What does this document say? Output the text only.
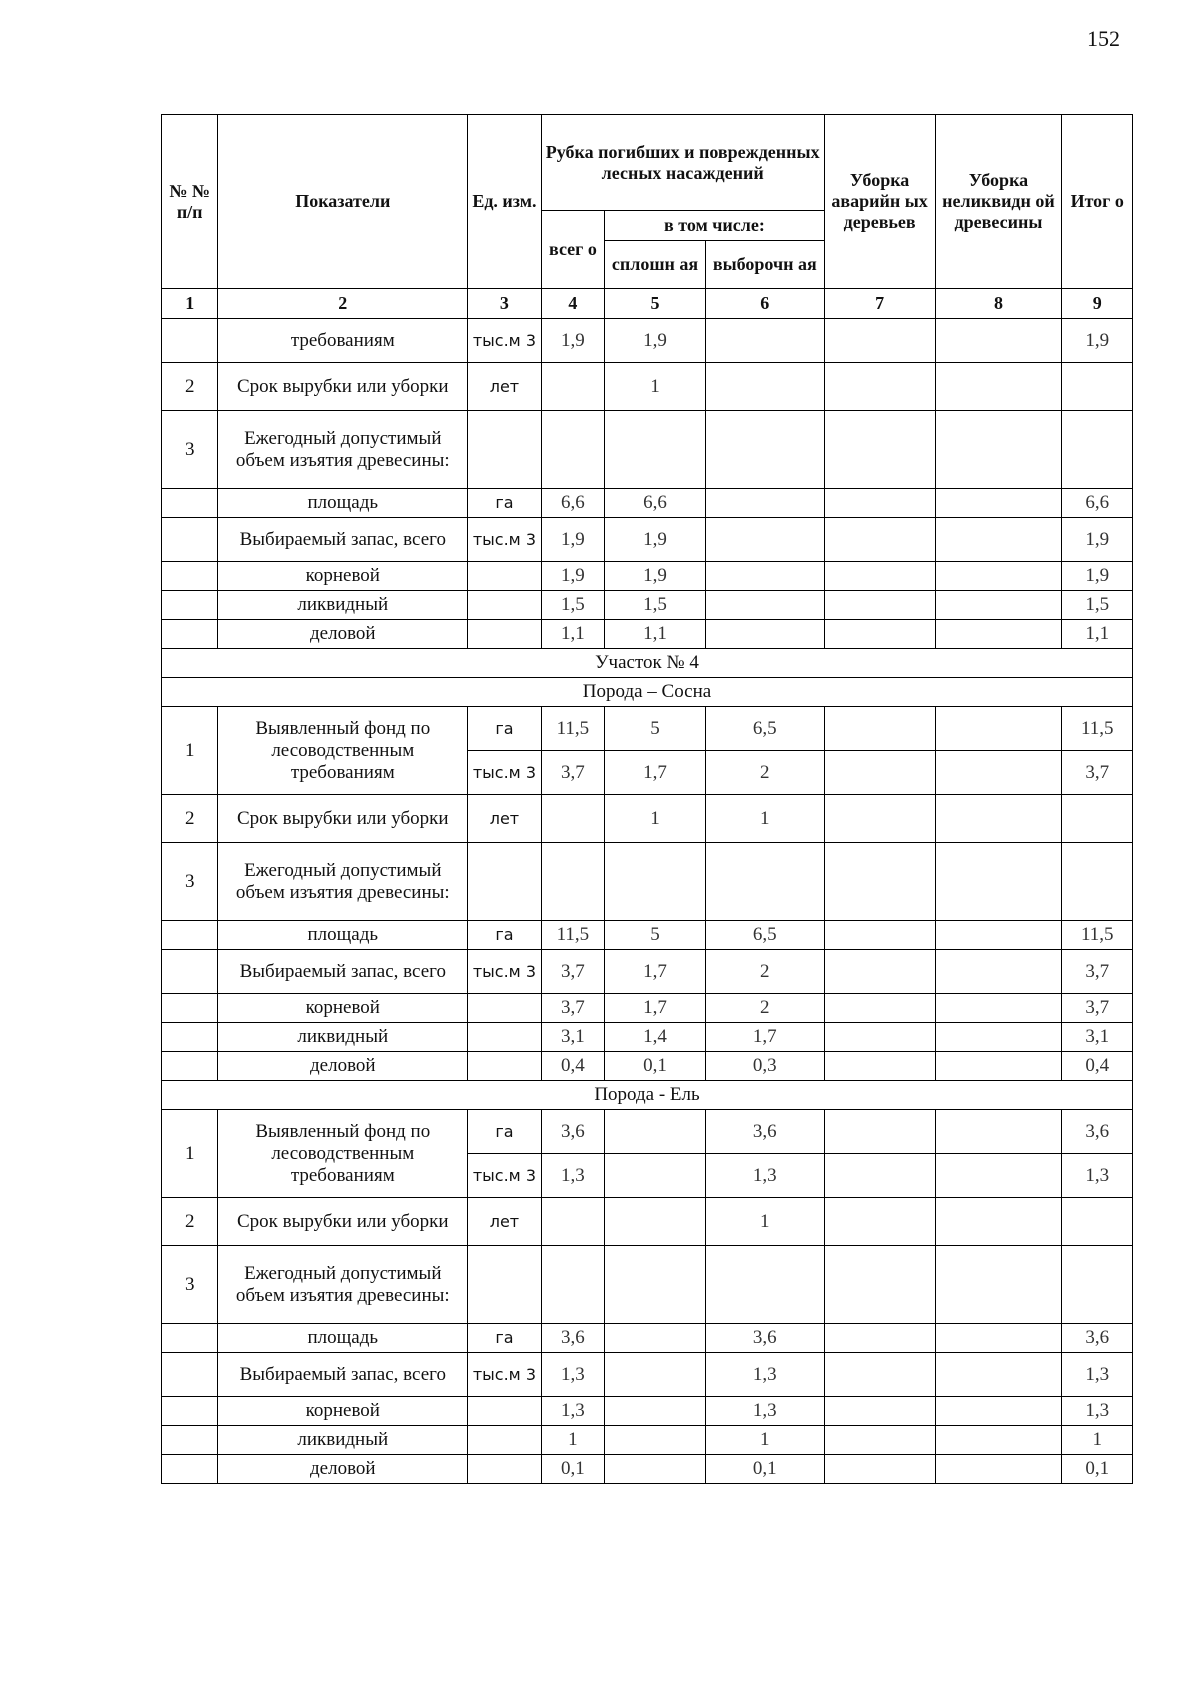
152
№ № п/п	Показатели	Ед. изм.	Рубка погибших и поврежденных лесных насаждений			Уборка аварийн ых деревьев	Уборка неликвидн ой древесины	Итог о
			всег о	в том числе:				
				сплошн ая	выборочн ая			
1	2	3	4	5	6	7	8	9
	требованиям	тыс.м 3	1,9	1,9				1,9
2	Срок вырубки или уборки	лет		1				
3	Ежегодный допустимый объем изъятия древесины:							
	площадь	га	6,6	6,6				6,6
	Выбираемый запас, всего	тыс.м 3	1,9	1,9				1,9
	корневой		1,9	1,9				1,9
	ликвидный		1,5	1,5				1,5
	деловой		1,1	1,1				1,1
Участок № 4								
Порода – Сосна								
1	Выявленный фонд по лесоводственным требованиям	га	11,5	5	6,5			11,5
		тыс.м 3	3,7	1,7	2			3,7
2	Срок вырубки или уборки	лет		1	1			
3	Ежегодный допустимый объем изъятия древесины:							
	площадь	га	11,5	5	6,5			11,5
	Выбираемый запас, всего	тыс.м 3	3,7	1,7	2			3,7
	корневой		3,7	1,7	2			3,7
	ликвидный		3,1	1,4	1,7			3,1
	деловой		0,4	0,1	0,3			0,4
Порода - Ель								
1	Выявленный фонд по лесоводственным требованиям	га	3,6		3,6			3,6
		тыс.м 3	1,3		1,3			1,3
2	Срок вырубки или уборки	лет			1			
3	Ежегодный допустимый объем изъятия древесины:							
	площадь	га	3,6		3,6			3,6
	Выбираемый запас, всего	тыс.м 3	1,3		1,3			1,3
	корневой		1,3		1,3			1,3
	ликвидный		1		1			1
	деловой		0,1		0,1			0,1
